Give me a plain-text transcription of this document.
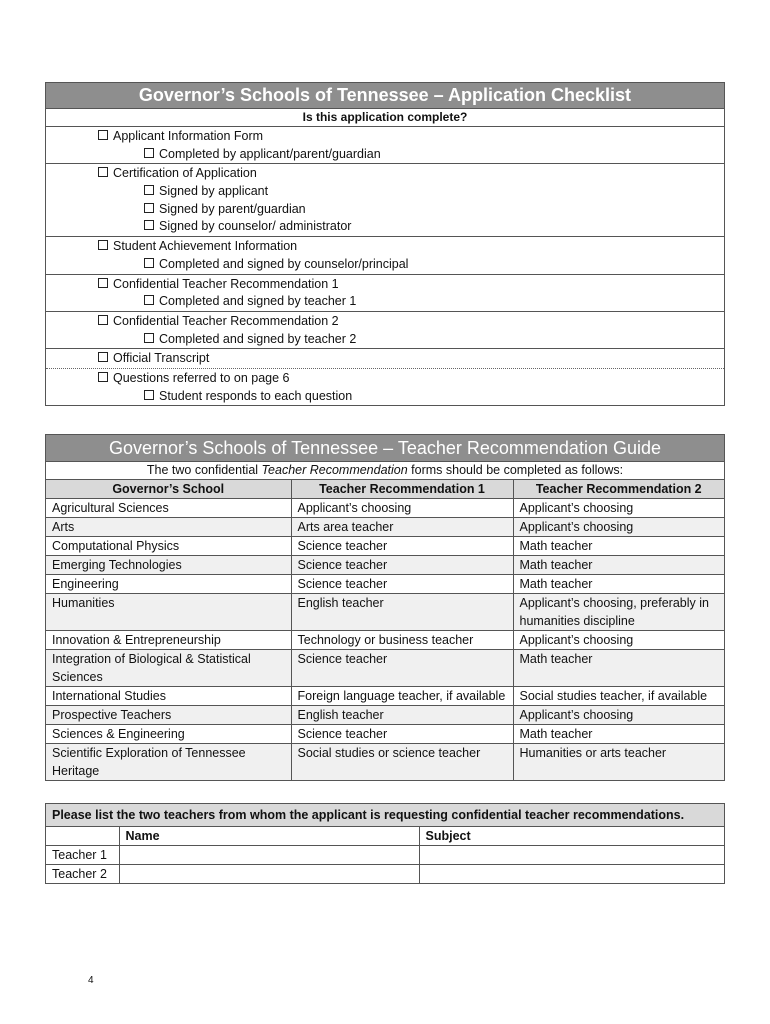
Governor’s Schools of Tennessee – Application Checklist
Is this application complete?
Applicant Information Form
Completed by applicant/parent/guardian
Certification of Application
Signed by applicant
Signed by parent/guardian
Signed by counselor/ administrator
Student Achievement Information
Completed and signed by counselor/principal
Confidential Teacher Recommendation 1
Completed and signed by teacher 1
Confidential Teacher Recommendation 2
Completed and signed by teacher 2
Official Transcript
Questions referred to on page 6
Student responds to each question
Governor’s Schools of Tennessee – Teacher Recommendation Guide
The two confidential Teacher Recommendation forms should be completed as follows:
Governor’s School	Teacher Recommendation 1	Teacher Recommendation 2
Agricultural Sciences	Applicant’s choosing	Applicant’s choosing
Arts	Arts area teacher	Applicant’s choosing
Computational Physics	Science teacher	Math teacher
Emerging Technologies	Science teacher	Math teacher
Engineering	Science teacher	Math teacher
Humanities	English teacher	Applicant’s choosing, preferably in humanities discipline
Innovation & Entrepreneurship	Technology or business teacher	Applicant’s choosing
Integration of Biological & Statistical Sciences	Science teacher	Math teacher
International Studies	Foreign language teacher, if available	Social studies teacher, if available
Prospective Teachers	English teacher	Applicant’s choosing
Sciences & Engineering	Science teacher	Math teacher
Scientific Exploration of Tennessee Heritage	Social studies or science teacher	Humanities or arts teacher
Please list the two teachers from whom the applicant is requesting confidential teacher recommendations.
	Name	Subject
Teacher 1		
Teacher 2		
4
